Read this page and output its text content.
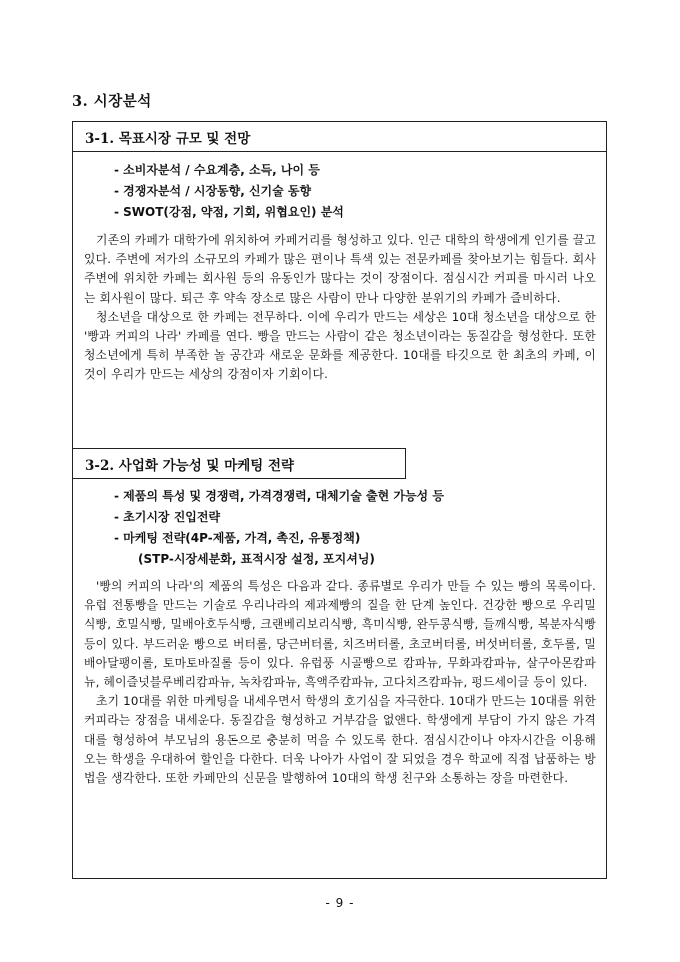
3. 시장분석
3-1. 목표시장 규모 및 전망
- 소비자분석 / 수요계층, 소득, 나이 등
- 경쟁자분석 / 시장동향, 신기술 동향
- SWOT(강점, 약점, 기회, 위협요인) 분석

기존의 카페가 대학가에 위치하여 카페거리를 형성하고 있다. 인근 대학의 학생에게 인기를 끌고 있다. 주변에 저가의 소규모의 카페가 많은 편이나 특색 있는 전문카페를 찾아보기는 힘들다. 회사 주변에 위치한 카페는 회사원 등의 유동인가 많다는 것이 장점이다. 점심시간 커피를 마시러 나오는 회사원이 많다. 퇴근 후 약속 장소로 많은 사람이 만나 다양한 분위기의 카페가 즐비하다.

청소년을 대상으로 한 카페는 전무하다. 이에 우리가 만드는 세상은 10대 청소년을 대상으로 한 '빵과 커피의 나라' 카페를 연다. 빵을 만드는 사람이 같은 청소년이라는 동질감을 형성한다. 또한 청소년에게 특히 부족한 놀 공간과 새로운 문화를 제공한다. 10대를 타깃으로 한 최초의 카페, 이것이 우리가 만드는 세상의 강점이자 기회이다.

3-2. 사업화 가능성 및 마케팅 전략
- 제품의 특성 및 경쟁력, 가격경쟁력, 대체기술 출현 가능성 등
- 초기시장 진입전략
- 마케팅 전략(4P-제품, 가격, 촉진, 유통정책)
(STP-시장세분화, 표적시장 설정, 포지셔닝)

'빵의 커피의 나라'의 제품의 특성은 다음과 같다. 종류별로 우리가 만들 수 있는 빵의 목록이다. 유럽 전통빵을 만드는 기술로 우리나라의 제과제빵의 질을 한 단계 높인다. 건강한 빵으로 우리밀식빵, 호밀식빵, 밀배아호두식빵, 크랜베리보리식빵, 흑미식빵, 완두콩식빵, 들깨식빵, 복분자식빵 등이 있다. 부드러운 빵으로 버터롤, 당근버터롤, 치즈버터롤, 초코버터롤, 버섯버터롤, 호두롤, 밀배아달팽이롤, 토마토바질롤 등이 있다. 유럽풍 시골빵으로 캄파뉴, 무화과캄파뉴, 살구아몬캄파뉴, 헤이즐넛블루베리캄파뉴, 녹차캄파뉴, 흑액주캄파뉴, 고다치즈캄파뉴, 펑드세이글 등이 있다.

초기 10대를 위한 마케팅을 내세우면서 학생의 호기심을 자극한다. 10대가 만드는 10대를 위한 커피라는 장점을 내세운다. 동질감을 형성하고 거부감을 없앤다. 학생에게 부담이 가지 않은 가격대를 형성하여 부모님의 용돈으로 충분히 먹을 수 있도록 한다. 점심시간이나 야자시간을 이용해 오는 학생을 우대하여 할인을 다한다. 더욱 나아가 사업이 잘 되었을 경우 학교에 직접 납품하는 방법을 생각한다. 또한 카페만의 신문을 발행하여 10대의 학생 친구와 소통하는 장을 마련한다.

- 9 -
